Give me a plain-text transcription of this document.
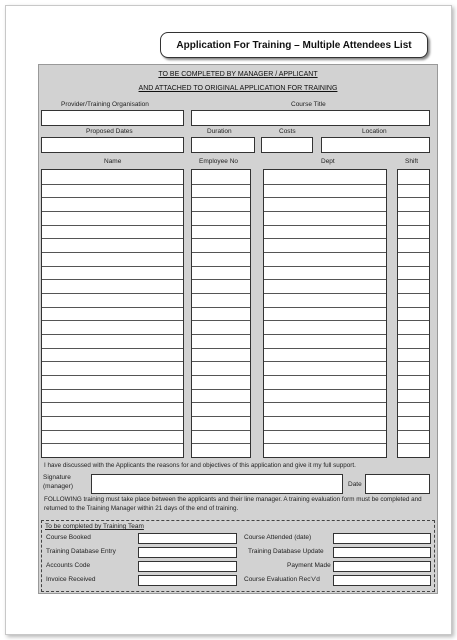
Application For Training – Multiple Attendees List
TO BE COMPLETED BY MANAGER / APPLICANT
AND ATTACHED TO ORIGINAL APPLICATION FOR TRAINING
Provider/Training Organisation	Course Title
Proposed Dates	Duration	Costs	Location
Name	Employee No	Dept	Shift
I have discussed with the Applicants the reasons for and objectives of this application and give it my full support.
Signature
(manager)	Date
FOLLOWING training must take place between the applicants and their line manager. A training evaluation form must be completed and returned to the Training Manager within 21 days of the end of training.
To be completed by Training Team
Course Booked	Course Attended (date)
Training Database Entry	Training Database Update
Accounts Code	Payment Made
Invoice Received	Course Evaluation Rec'v'd
